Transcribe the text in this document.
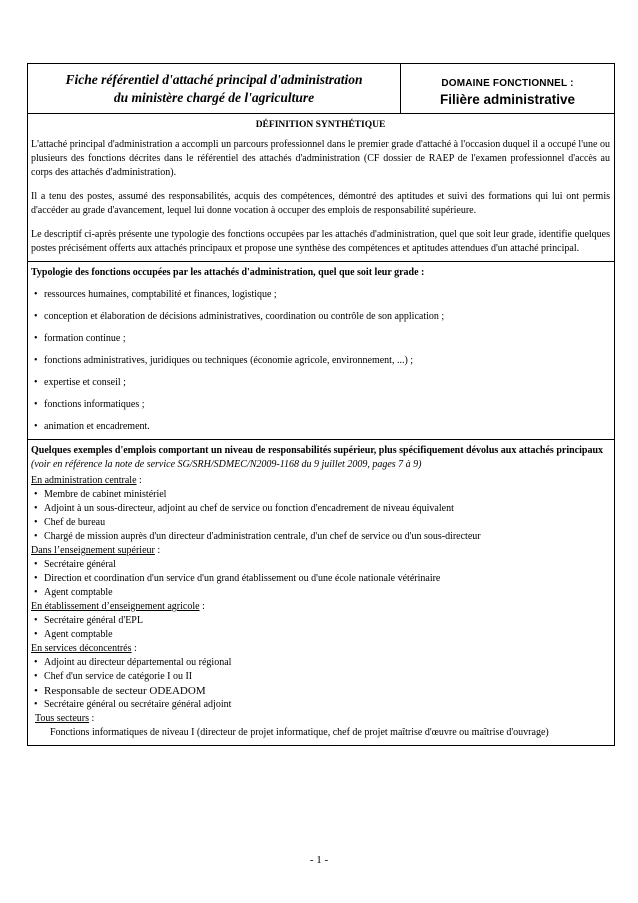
Fiche référentiel d'attaché principal d'administration
du ministère chargé de l'agriculture
DOMAINE FONCTIONNEL :
Filière administrative
DÉFINITION SYNTHÉTIQUE

L'attaché principal d'administration a accompli un parcours professionnel dans le premier grade d'attaché à l'occasion duquel il a occupé l'une ou plusieurs des fonctions décrites dans le référentiel des attachés d'administration (CF dossier de RAEP de l'examen professionnel d'accès au corps des attachés d'administration).

Il a tenu des postes, assumé des responsabilités, acquis des compétences, démontré des aptitudes et suivi des formations qui lui ont permis d'accéder au grade d'avancement, lequel lui donne vocation à occuper des emplois de responsabilité supérieure.

Le descriptif ci-après présente une typologie des fonctions occupées par les attachés d'administration, quel que soit leur grade, identifie quelques postes précisément offerts aux attachés principaux et propose une synthèse des compétences et aptitudes attendues d'un attaché principal.

Typologie des fonctions occupées par les attachés d'administration, quel que soit leur grade :
• ressources humaines, comptabilité et finances, logistique ;
• conception et élaboration de décisions administratives, coordination ou contrôle de son application ;
• formation continue ;
• fonctions administratives, juridiques ou techniques (économie agricole, environnement, ...) ;
• expertise et conseil ;
• fonctions informatiques ;
• animation et encadrement.
Quelques exemples d'emplois comportant un niveau de responsabilités supérieur, plus spécifiquement dévolus aux attachés principaux (voir en référence la note de service SG/SRH/SDMEC/N2009-1168 du 9 juillet 2009, pages 7 à 9)
En administration centrale :
• Membre de cabinet ministériel
• Adjoint à un sous-directeur, adjoint au chef de service ou fonction d'encadrement de niveau équivalent
• Chef de bureau
• Chargé de mission auprès d'un directeur d'administration centrale, d'un chef de service ou d'un sous-directeur
Dans l’enseignement supérieur :
• Secrétaire général
• Direction et coordination d'un service d'un grand établissement ou d'une école nationale vétérinaire
• Agent comptable
En établissement d’enseignement agricole :
• Secrétaire général d'EPL
• Agent comptable
En services déconcentrés :
• Adjoint au directeur départemental ou régional
• Chef d'un service de catégorie I ou II
• Responsable de secteur ODEADOM
• Secrétaire général ou secrétaire général adjoint
Tous secteurs :
Fonctions informatiques de niveau I (directeur de projet informatique, chef de projet maîtrise d'œuvre ou maîtrise d'ouvrage)
- 1 -
